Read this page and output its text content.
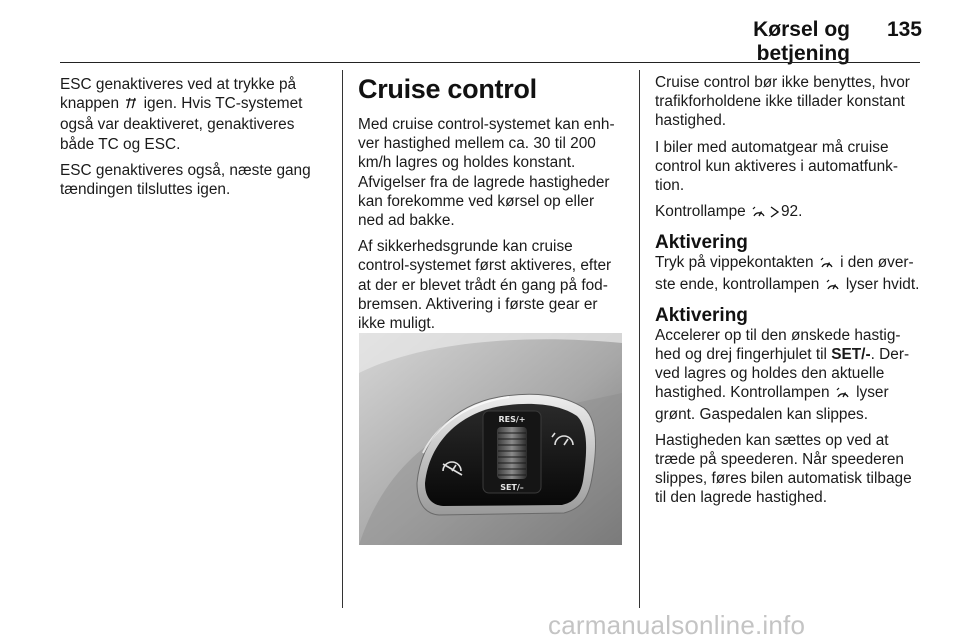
Kørsel og betjening
135

ESC genaktiveres ved at trykke på knappen  igen. Hvis TC-systemet også var deaktiveret, genaktiveres både TC og ESC.

ESC genaktiveres også, næste gang tændingen tilsluttes igen.

Cruise control

Med cruise control-systemet kan enh‐ver hastighed mellem ca. 30 til 200 km/h lagres og holdes konstant. Afvigelser fra de lagrede hastigheder kan forekomme ved kørsel op eller ned ad bakke.

Af sikkerhedsgrunde kan cruise control-systemet først aktiveres, efter at der er blevet trådt én gang på fod‐bremsen. Aktivering i første gear er ikke muligt.

RES/+
SET/–

Cruise control bør ikke benyttes, hvor trafikforholdene ikke tillader konstant hastighed.

I biler med automatgear må cruise control kun aktiveres i automatfunk‐tion.

Kontrollampe 92.

Aktivering

Tryk på vippekontakten  i den øver‐ste ende, kontrollampen  lyser hvidt.

Aktivering

Accelerer op til den ønskede hastig‐hed og drej fingerhjulet til SET/-. Der‐ved lagres og holdes den aktuelle hastighed. Kontrollampen  lyser grønt. Gaspedalen kan slippes.

Hastigheden kan sættes op ved at træde på speederen. Når speederen slippes, føres bilen automatisk tilbage til den lagrede hastighed.

carmanualsonline.info
